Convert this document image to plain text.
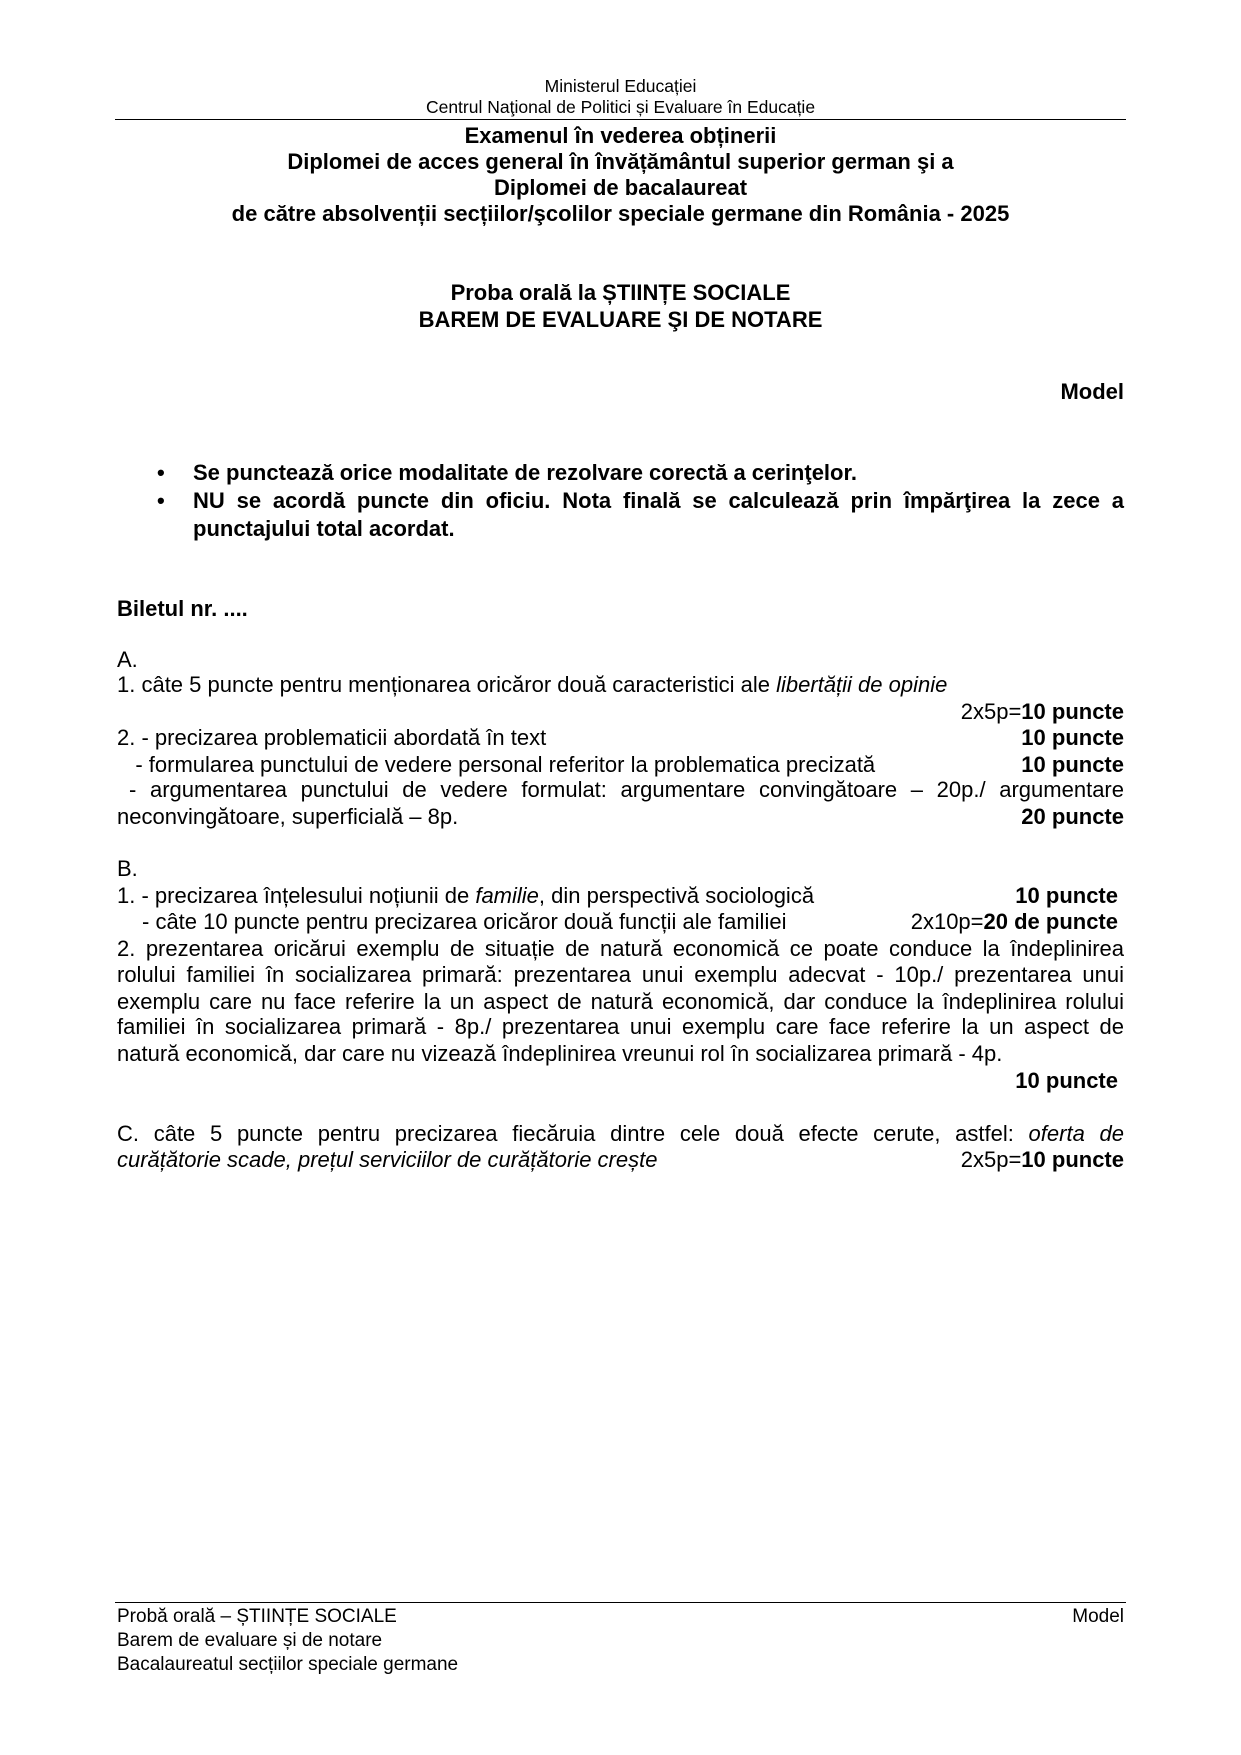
Ministerul Educației
Centrul Naţional de Politici și Evaluare în Educație
Examenul în vederea obținerii
Diplomei de acces general în învățământul superior german şi a
Diplomei de bacalaureat
de către absolvenții secțiilor/şcolilor speciale germane din România - 2025
Proba orală la ȘTIINȚE SOCIALE
BAREM DE EVALUARE ŞI DE NOTARE
Model
• Se punctează orice modalitate de rezolvare corectă a cerinţelor.
• NU se acordă puncte din oficiu. Nota finală se calculează prin împărţirea la zece a
punctajului total acordat.
Biletul nr. ....
A.
1. câte 5 puncte pentru menționarea oricăror două caracteristici ale libertății de opinie
2x5p=10 puncte
2. - precizarea problematicii abordată în text	10 puncte
- formularea punctului de vedere personal referitor la problematica precizată	10 puncte
- argumentarea punctului de vedere formulat: argumentare convingătoare – 20p./ argumentare
neconvingătoare, superficială – 8p.	20 puncte
B.
1. - precizarea înțelesului noțiunii de familie, din perspectivă sociologică	10 puncte
- câte 10 puncte pentru precizarea oricăror două funcții ale familiei	2x10p=20 de puncte
2. prezentarea oricărui exemplu de situație de natură economică ce poate conduce la îndeplinirea
rolului familiei în socializarea primară: prezentarea unui exemplu adecvat - 10p./ prezentarea unui
exemplu care nu face referire la un aspect de natură economică, dar conduce la îndeplinirea rolului
familiei în socializarea primară - 8p./ prezentarea unui exemplu care face referire la un aspect de
natură economică, dar care nu vizează îndeplinirea vreunui rol în socializarea primară - 4p.
10 puncte
C. câte 5 puncte pentru precizarea fiecăruia dintre cele două efecte cerute, astfel: oferta de
curățătorie scade, prețul serviciilor de curățătorie crește	2x5p=10 puncte
Probă orală – ȘTIINȚE SOCIALE	Model
Barem de evaluare și de notare
Bacalaureatul secțiilor speciale germane
